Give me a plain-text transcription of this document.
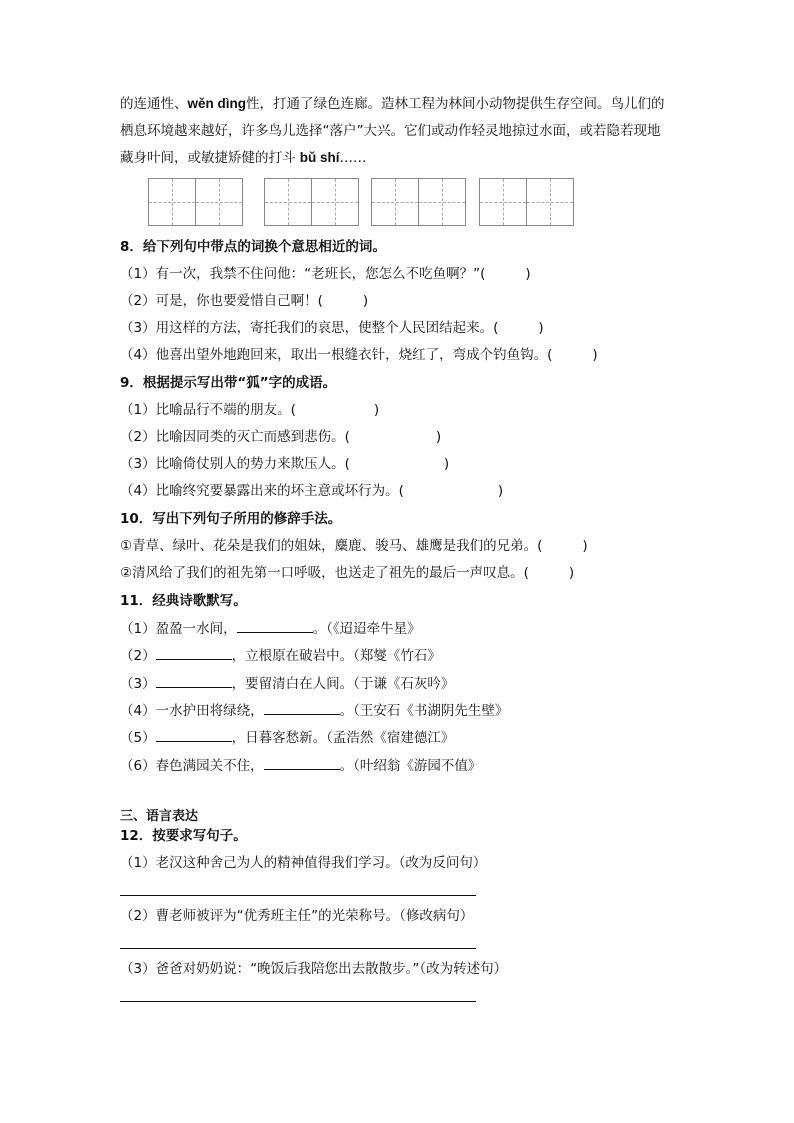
的连通性、wěn dìng性，打通了绿色连廊。造林工程为林间小动物提供生存空间。鸟儿们的
栖息环境越来越好，许多鸟儿选择“落户”大兴。它们或动作轻灵地掠过水面，或若隐若现地
藏身叶间，或敏捷矫健的打斗 bǔ shí……
8．给下列句中带点的词换个意思相近的词。
（1）有一次，我禁不住问他：“老班长，您怎么不吃鱼啊？”(	)
（2）可是，你也要爱惜自己啊！(	)
（3）用这样的方法，寄托我们的哀思，使整个人民团结起来。(	)
（4）他喜出望外地跑回来，取出一根缝衣针，烧红了，弯成个钓鱼钩。(	)
9．根据提示写出带“狐”字的成语。
（1）比喻品行不端的朋友。(	)
（2）比喻因同类的灭亡而感到悲伤。(	)
（3）比喻倚仗别人的势力来欺压人。(	)
（4）比喻终究要暴露出来的坏主意或坏行为。(	)
10．写出下列句子所用的修辞手法。
①青草、绿叶、花朵是我们的姐妹，麋鹿、骏马、雄鹰是我们的兄弟。(	)
②清风给了我们的祖先第一口呼吸，也送走了祖先的最后一声叹息。(	)
11．经典诗歌默写。
（1）盈盈一水间，	。（《迢迢牵牛星》
（2）	，立根原在破岩中。（郑燮《竹石》
（3）	，要留清白在人间。（于谦《石灰吟》
（4）一水护田将绿绕，	。（王安石《书湖阴先生壁》
（5）	，日暮客愁新。（孟浩然《宿建德江》
（6）春色满园关不住，	。（叶绍翁《游园不值》
三、语言表达
12．按要求写句子。
（1）老汉这种舍己为人的精神值得我们学习。（改为反问句）
（2）曹老师被评为“优秀班主任”的光荣称号。（修改病句）
（3）爸爸对奶奶说：“晚饭后我陪您出去散散步。”（改为转述句）
